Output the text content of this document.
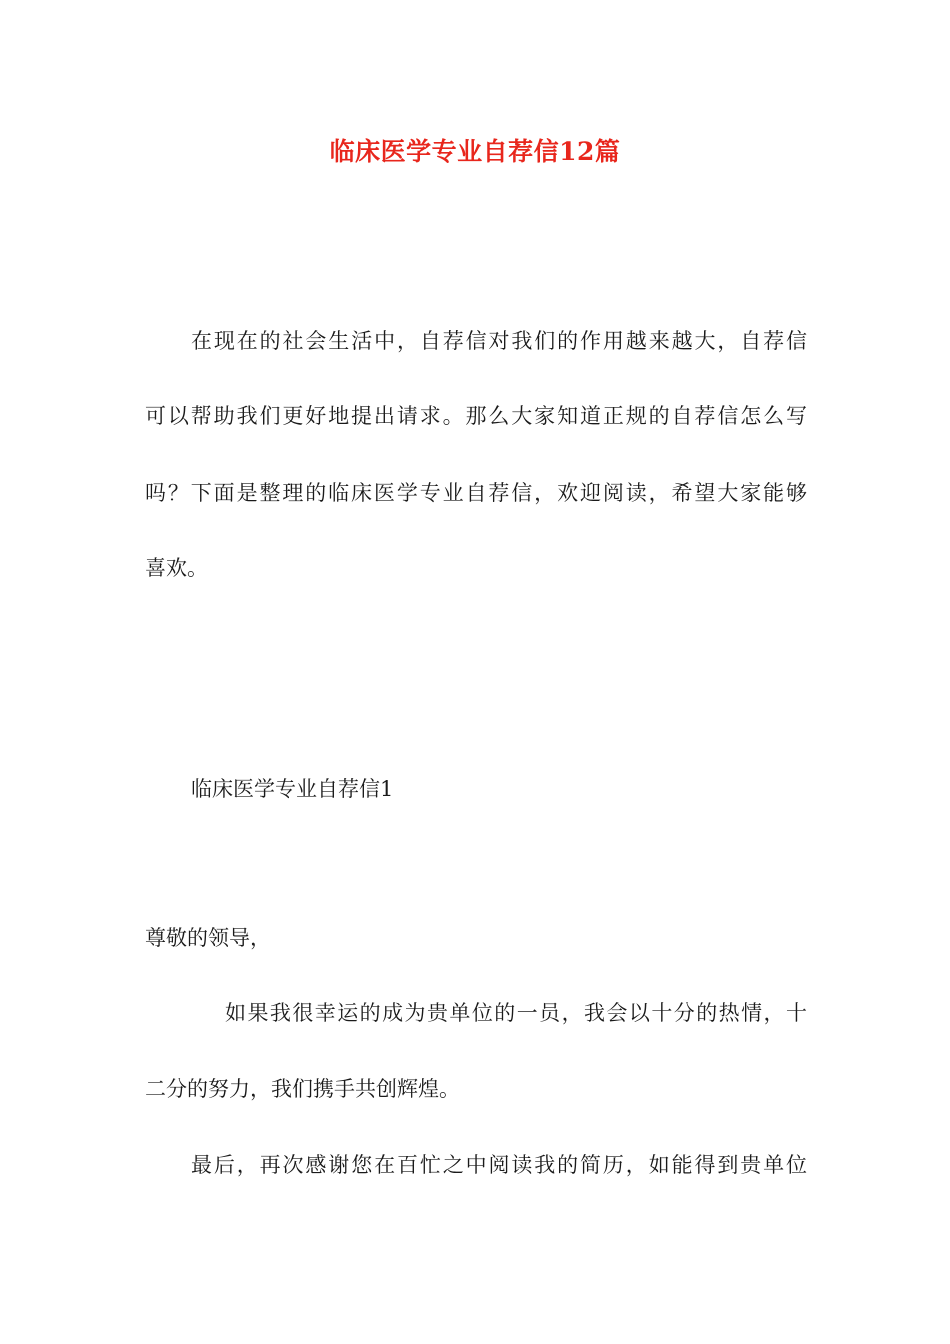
临床医学专业自荐信12篇
在现在的社会生活中，自荐信对我们的作用越来越大，自荐信
可以帮助我们更好地提出请求。那么大家知道正规的自荐信怎么写
吗？下面是整理的临床医学专业自荐信，欢迎阅读，希望大家能够
喜欢。
临床医学专业自荐信1
尊敬的领导，
如果我很幸运的成为贵单位的一员，我会以十分的热情，十
二分的努力，我们携手共创辉煌。
最后，再次感谢您在百忙之中阅读我的简历，如能得到贵单位
